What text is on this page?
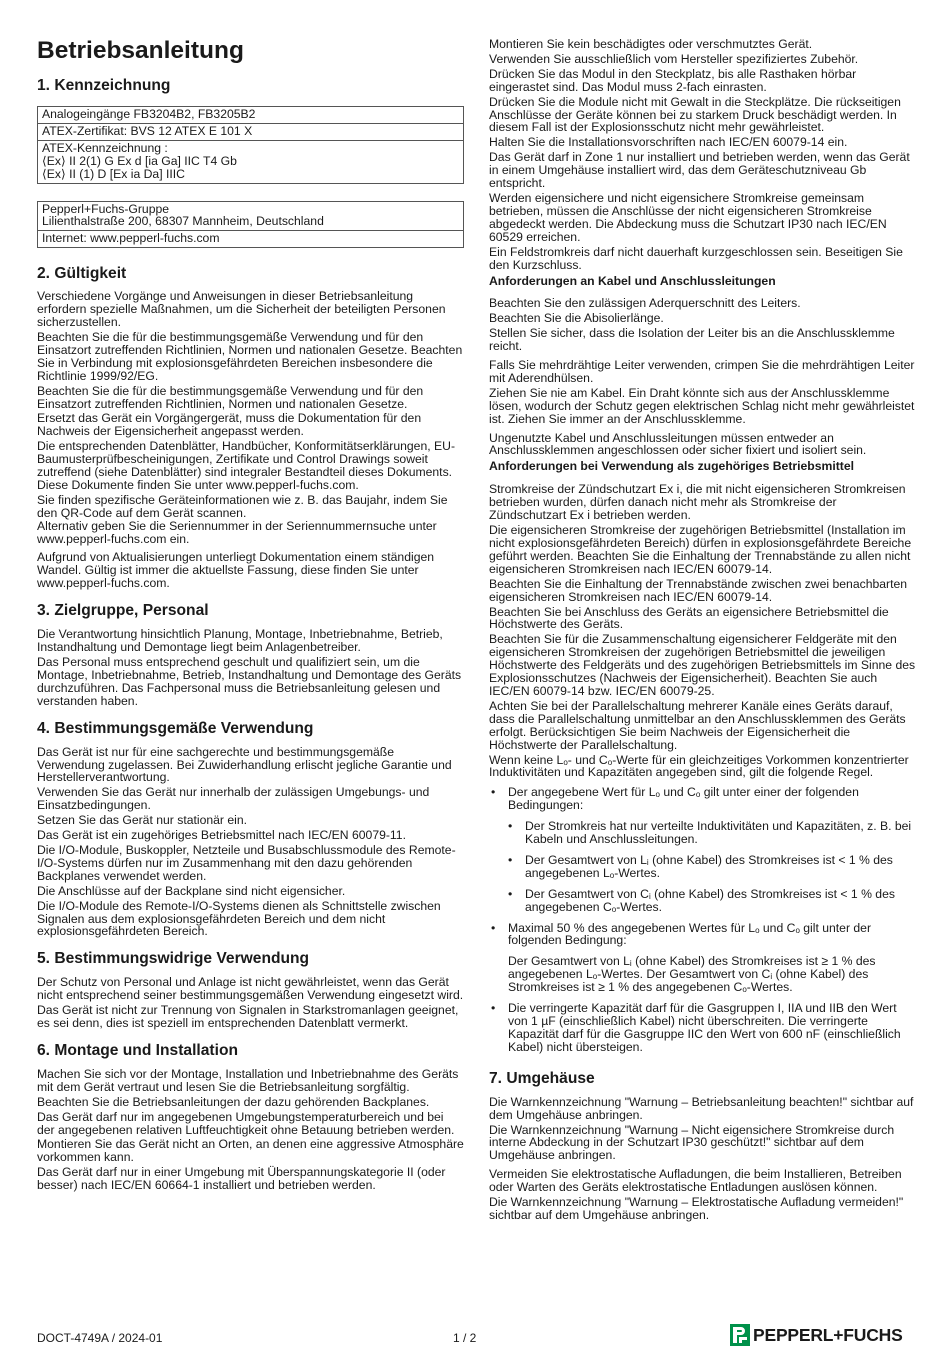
Betriebsanleitung
1. Kennzeichnung
Analogeingänge FB3204B2, FB3205B2
ATEX-Zertifikat: BVS 12 ATEX E 101 X
ATEX-Kennzeichnung :
⟨Ex⟩ II 2(1) G Ex d [ia Ga] IIC T4 Gb
⟨Ex⟩ II (1) D [Ex ia Da] IIIC
Pepperl+Fuchs-Gruppe
Lilienthalstraße 200, 68307 Mannheim, Deutschland
Internet: www.pepperl-fuchs.com
2. Gültigkeit

Verschiedene Vorgänge und Anweisungen in dieser Betriebsanleitung erfordern spezielle Maßnahmen, um die Sicherheit der beteiligten Personen sicherzustellen.

Beachten Sie die für die bestimmungsgemäße Verwendung und für den Einsatzort zutreffenden Richtlinien, Normen und nationalen Gesetze. Beachten Sie in Verbindung mit explosionsgefährdeten Bereichen insbesondere die Richtlinie 1999/92/EG.

Beachten Sie die für die bestimmungsgemäße Verwendung und für den Einsatzort zutreffenden Richtlinien, Normen und nationalen Gesetze.

Ersetzt das Gerät ein Vorgängergerät, muss die Dokumentation für den Nachweis der Eigensicherheit angepasst werden.

Die entsprechenden Datenblätter, Handbücher, Konformitätserklärungen, EU-Baumusterprüfbescheinigungen, Zertifikate und Control Drawings soweit zutreffend (siehe Datenblätter) sind integraler Bestandteil dieses Dokuments. Diese Dokumente finden Sie unter www.pepperl-fuchs.com.

Sie finden spezifische Geräteinformationen wie z. B. das Baujahr, indem Sie den QR-Code auf dem Gerät scannen.

Alternativ geben Sie die Seriennummer in der Seriennummernsuche unter www.pepperl-fuchs.com ein.

Aufgrund von Aktualisierungen unterliegt Dokumentation einem ständigen Wandel. Gültig ist immer die aktuellste Fassung, diese finden Sie unter www.pepperl-fuchs.com.

3. Zielgruppe, Personal

Die Verantwortung hinsichtlich Planung, Montage, Inbetriebnahme, Betrieb, Instandhaltung und Demontage liegt beim Anlagenbetreiber.

Das Personal muss entsprechend geschult und qualifiziert sein, um die Montage, Inbetriebnahme, Betrieb, Instandhaltung und Demontage des Geräts durchzuführen. Das Fachpersonal muss die Betriebsanleitung gelesen und verstanden haben.

4. Bestimmungsgemäße Verwendung

Das Gerät ist nur für eine sachgerechte und bestimmungsgemäße Verwendung zugelassen. Bei Zuwiderhandlung erlischt jegliche Garantie und Herstellerverantwortung.

Verwenden Sie das Gerät nur innerhalb der zulässigen Umgebungs- und Einsatzbedingungen.

Setzen Sie das Gerät nur stationär ein.

Das Gerät ist ein zugehöriges Betriebsmittel nach IEC/EN 60079-11.

Die I/O-Module, Buskoppler, Netzteile und Busabschlussmodule des Remote-I/O-Systems dürfen nur im Zusammenhang mit den dazu gehörenden Backplanes verwendet werden.

Die Anschlüsse auf der Backplane sind nicht eigensicher.

Die I/O-Module des Remote-I/O-Systems dienen als Schnittstelle zwischen Signalen aus dem explosionsgefährdeten Bereich und dem nicht explosionsgefährdeten Bereich.

5. Bestimmungswidrige Verwendung

Der Schutz von Personal und Anlage ist nicht gewährleistet, wenn das Gerät nicht entsprechend seiner bestimmungsgemäßen Verwendung eingesetzt wird.

Das Gerät ist nicht zur Trennung von Signalen in Starkstromanlagen geeignet, es sei denn, dies ist speziell im entsprechenden Datenblatt vermerkt.

6. Montage und Installation

Machen Sie sich vor der Montage, Installation und Inbetriebnahme des Geräts mit dem Gerät vertraut und lesen Sie die Betriebsanleitung sorgfältig.

Beachten Sie die Betriebsanleitungen der dazu gehörenden Backplanes.

Das Gerät darf nur im angegebenen Umgebungstemperaturbereich und bei der angegebenen relativen Luftfeuchtigkeit ohne Betauung betrieben werden.

Montieren Sie das Gerät nicht an Orten, an denen eine aggressive Atmosphäre vorkommen kann.

Das Gerät darf nur in einer Umgebung mit Überspannungskategorie II (oder besser) nach IEC/EN 60664-1 installiert und betrieben werden.

Montieren Sie kein beschädigtes oder verschmutztes Gerät.

Verwenden Sie ausschließlich vom Hersteller spezifiziertes Zubehör.

Drücken Sie das Modul in den Steckplatz, bis alle Rasthaken hörbar eingerastet sind. Das Modul muss 2-fach einrasten.

Drücken Sie die Module nicht mit Gewalt in die Steckplätze. Die rückseitigen Anschlüsse der Geräte können bei zu starkem Druck beschädigt werden. In diesem Fall ist der Explosionsschutz nicht mehr gewährleistet.

Halten Sie die Installationsvorschriften nach IEC/EN 60079-14 ein.

Das Gerät darf in Zone 1 nur installiert und betrieben werden, wenn das Gerät in einem Umgehäuse installiert wird, das dem Geräteschutzniveau Gb entspricht.

Werden eigensichere und nicht eigensichere Stromkreise gemeinsam betrieben, müssen die Anschlüsse der nicht eigensicheren Stromkreise abgedeckt werden. Die Abdeckung muss die Schutzart IP30 nach IEC/EN 60529 erreichen.

Ein Feldstromkreis darf nicht dauerhaft kurzgeschlossen sein. Beseitigen Sie den Kurzschluss.

Anforderungen an Kabel und Anschlussleitungen

Beachten Sie den zulässigen Aderquerschnitt des Leiters.

Beachten Sie die Abisolierlänge.

Stellen Sie sicher, dass die Isolation der Leiter bis an die Anschlussklemme reicht.

Falls Sie mehrdrähtige Leiter verwenden, crimpen Sie die mehrdrähtigen Leiter mit Aderendhülsen.

Ziehen Sie nie am Kabel. Ein Draht könnte sich aus der Anschlussklemme lösen, wodurch der Schutz gegen elektrischen Schlag nicht mehr gewährleistet ist. Ziehen Sie immer an der Anschlussklemme.

Ungenutzte Kabel und Anschlussleitungen müssen entweder an Anschlussklemmen angeschlossen oder sicher fixiert und isoliert sein.

Anforderungen bei Verwendung als zugehöriges Betriebsmittel

Stromkreise der Zündschutzart Ex i, die mit nicht eigensicheren Stromkreisen betrieben wurden, dürfen danach nicht mehr als Stromkreise der Zündschutzart Ex i betrieben werden.

Die eigensicheren Stromkreise der zugehörigen Betriebsmittel (Installation im nicht explosionsgefährdeten Bereich) dürfen in explosionsgefährdete Bereiche geführt werden. Beachten Sie die Einhaltung der Trennabstände zu allen nicht eigensicheren Stromkreisen nach IEC/EN 60079-14.

Beachten Sie die Einhaltung der Trennabstände zwischen zwei benachbarten eigensicheren Stromkreisen nach IEC/EN 60079-14.

Beachten Sie bei Anschluss des Geräts an eigensichere Betriebsmittel die Höchstwerte des Geräts.

Beachten Sie für die Zusammenschaltung eigensicherer Feldgeräte mit den eigensicheren Stromkreisen der zugehörigen Betriebsmittel die jeweiligen Höchstwerte des Feldgeräts und des zugehörigen Betriebsmittels im Sinne des Explosionsschutzes (Nachweis der Eigensicherheit). Beachten Sie auch IEC/EN 60079-14 bzw. IEC/EN 60079-25.

Achten Sie bei der Parallelschaltung mehrerer Kanäle eines Geräts darauf, dass die Parallelschaltung unmittelbar an den Anschlussklemmen des Geräts erfolgt. Berücksichtigen Sie beim Nachweis der Eigensicherheit die Höchstwerte der Parallelschaltung.

Wenn keine $L_o-$ und $C_o$-Werte für ein gleichzeitiges Vorkommen konzentrierter Induktivitäten und Kapazitäten angegeben sind, gilt die folgende Regel.

• Der angegebene Wert für $L_o$ und $C_o$ gilt unter einer der folgenden Bedingungen:
• Der Stromkreis hat nur verteilte Induktivitäten und Kapazitäten, z. B. bei Kabeln und Anschlussleitungen.
• Der Gesamtwert von $L_i$ (ohne Kabel) des Stromkreises ist < 1 % des angegebenen $L_o$-Wertes.
• Der Gesamtwert von $C_i$ (ohne Kabel) des Stromkreises ist < 1 % des angegebenen $C_o$-Wertes.
• Maximal 50 % des angegebenen Wertes für $L_o$ und $C_o$ gilt unter der folgenden Bedingung:

Der Gesamtwert von $L_i$ (ohne Kabel) des Stromkreises ist ≥ 1 % des angegebenen $L_o$-Wertes. Der Gesamtwert von $C_i$ (ohne Kabel) des Stromkreises ist ≥ 1 % des angegebenen $C_o$-Wertes.

• Die verringerte Kapazität darf für die Gasgruppen I, IIA und IIB den Wert von 1 µF (einschließlich Kabel) nicht überschreiten. Die verringerte Kapazität darf für die Gasgruppe IIC den Wert von 600 nF (einschließlich Kabel) nicht übersteigen.
7. Umgehäuse

Die Warnkennzeichnung "Warnung – Betriebsanleitung beachten!" sichtbar auf dem Umgehäuse anbringen.

Die Warnkennzeichnung "Warnung – Nicht eigensichere Stromkreise durch interne Abdeckung in der Schutzart IP30 geschützt!" sichtbar auf dem Umgehäuse anbringen.

Vermeiden Sie elektrostatische Aufladungen, die beim Installieren, Betreiben oder Warten des Geräts elektrostatische Entladungen auslösen können.

Die Warnkennzeichnung "Warnung – Elektrostatische Aufladung vermeiden!" sichtbar auf dem Umgehäuse anbringen.

DOCT-4749A / 2024-01	1 / 2	PEPPERL+FUCHS
